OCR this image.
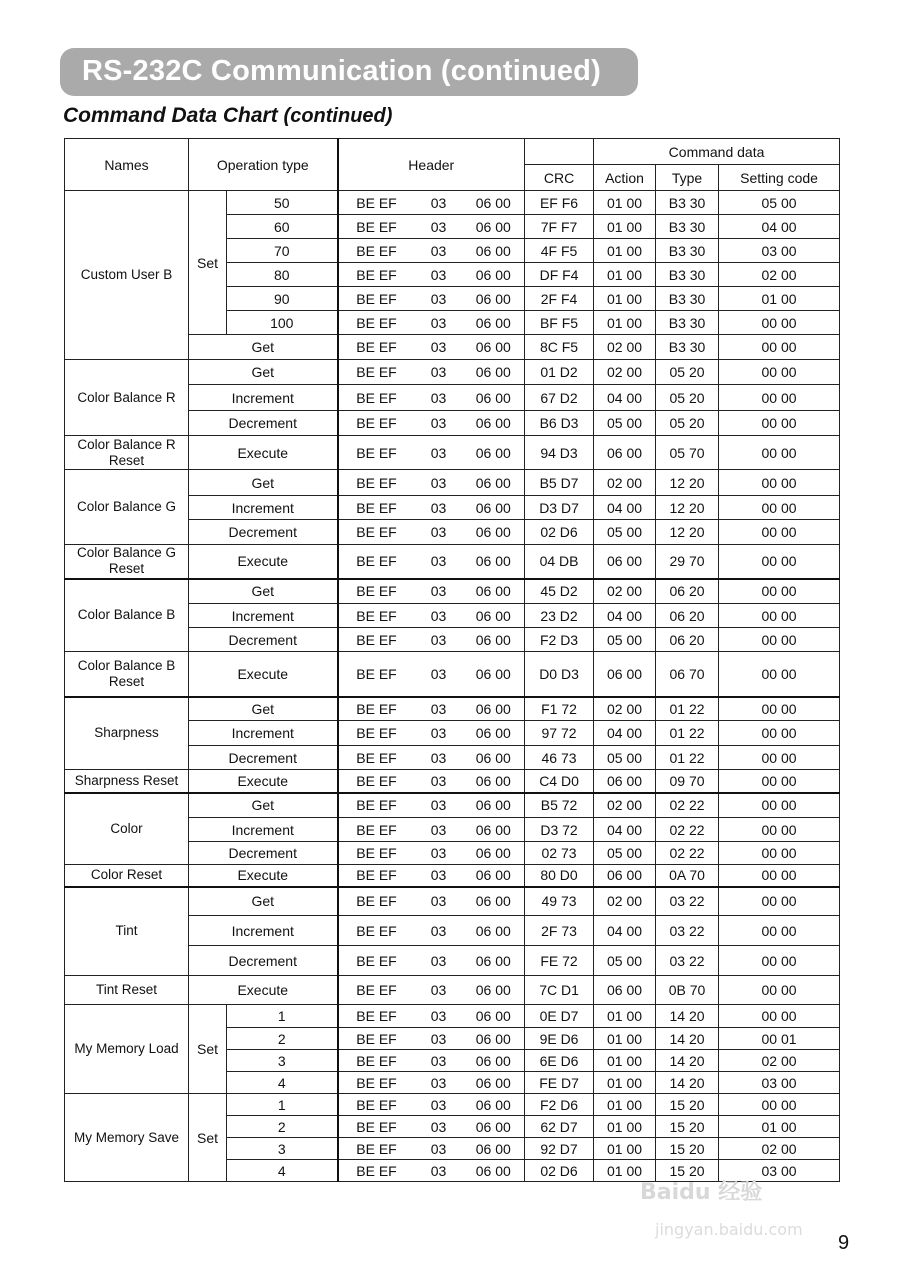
RS-232C Communication (continued)
Command Data Chart (continued)
Names	Operation type		Header				Command data		
						CRC	Action	Type	Setting code
Custom User B	Set	50	BE EF	03	06 00	EF F6	01 00	B3 30	05 00
		60	BE EF	03	06 00	7F F7	01 00	B3 30	04 00
		70	BE EF	03	06 00	4F F5	01 00	B3 30	03 00
		80	BE EF	03	06 00	DF F4	01 00	B3 30	02 00
		90	BE EF	03	06 00	2F F4	01 00	B3 30	01 00
		100	BE EF	03	06 00	BF F5	01 00	B3 30	00 00
	Get		BE EF	03	06 00	8C F5	02 00	B3 30	00 00
Color Balance R	Get		BE EF	03	06 00	01 D2	02 00	05 20	00 00
	Increment		BE EF	03	06 00	67 D2	04 00	05 20	00 00
	Decrement		BE EF	03	06 00	B6 D3	05 00	05 20	00 00
Color Balance R Reset	Execute		BE EF	03	06 00	94 D3	06 00	05 70	00 00
Color Balance G	Get		BE EF	03	06 00	B5 D7	02 00	12 20	00 00
	Increment		BE EF	03	06 00	D3 D7	04 00	12 20	00 00
	Decrement		BE EF	03	06 00	02 D6	05 00	12 20	00 00
Color Balance G Reset	Execute		BE EF	03	06 00	04 DB	06 00	29 70	00 00
Color Balance B	Get		BE EF	03	06 00	45 D2	02 00	06 20	00 00
	Increment		BE EF	03	06 00	23 D2	04 00	06 20	00 00
	Decrement		BE EF	03	06 00	F2 D3	05 00	06 20	00 00
Color Balance B Reset	Execute		BE EF	03	06 00	D0 D3	06 00	06 70	00 00
Sharpness	Get		BE EF	03	06 00	F1 72	02 00	01 22	00 00
	Increment		BE EF	03	06 00	97 72	04 00	01 22	00 00
	Decrement		BE EF	03	06 00	46 73	05 00	01 22	00 00
Sharpness Reset	Execute		BE EF	03	06 00	C4 D0	06 00	09 70	00 00
Color	Get		BE EF	03	06 00	B5 72	02 00	02 22	00 00
	Increment		BE EF	03	06 00	D3 72	04 00	02 22	00 00
	Decrement		BE EF	03	06 00	02 73	05 00	02 22	00 00
Color Reset	Execute		BE EF	03	06 00	80 D0	06 00	0A 70	00 00
Tint	Get		BE EF	03	06 00	49 73	02 00	03 22	00 00
	Increment		BE EF	03	06 00	2F 73	04 00	03 22	00 00
	Decrement		BE EF	03	06 00	FE 72	05 00	03 22	00 00
Tint Reset	Execute		BE EF	03	06 00	7C D1	06 00	0B 70	00 00
My Memory Load	Set	1	BE EF	03	06 00	0E D7	01 00	14 20	00 00
		2	BE EF	03	06 00	9E D6	01 00	14 20	00 01
		3	BE EF	03	06 00	6E D6	01 00	14 20	02 00
		4	BE EF	03	06 00	FE D7	01 00	14 20	03 00
My Memory Save	Set	1	BE EF	03	06 00	F2 D6	01 00	15 20	00 00
		2	BE EF	03	06 00	62 D7	01 00	15 20	01 00
		3	BE EF	03	06 00	92 D7	01 00	15 20	02 00
		4	BE EF	03	06 00	02 D6	01 00	15 20	03 00
Baidu 经验
jingyan.baidu.com
9
